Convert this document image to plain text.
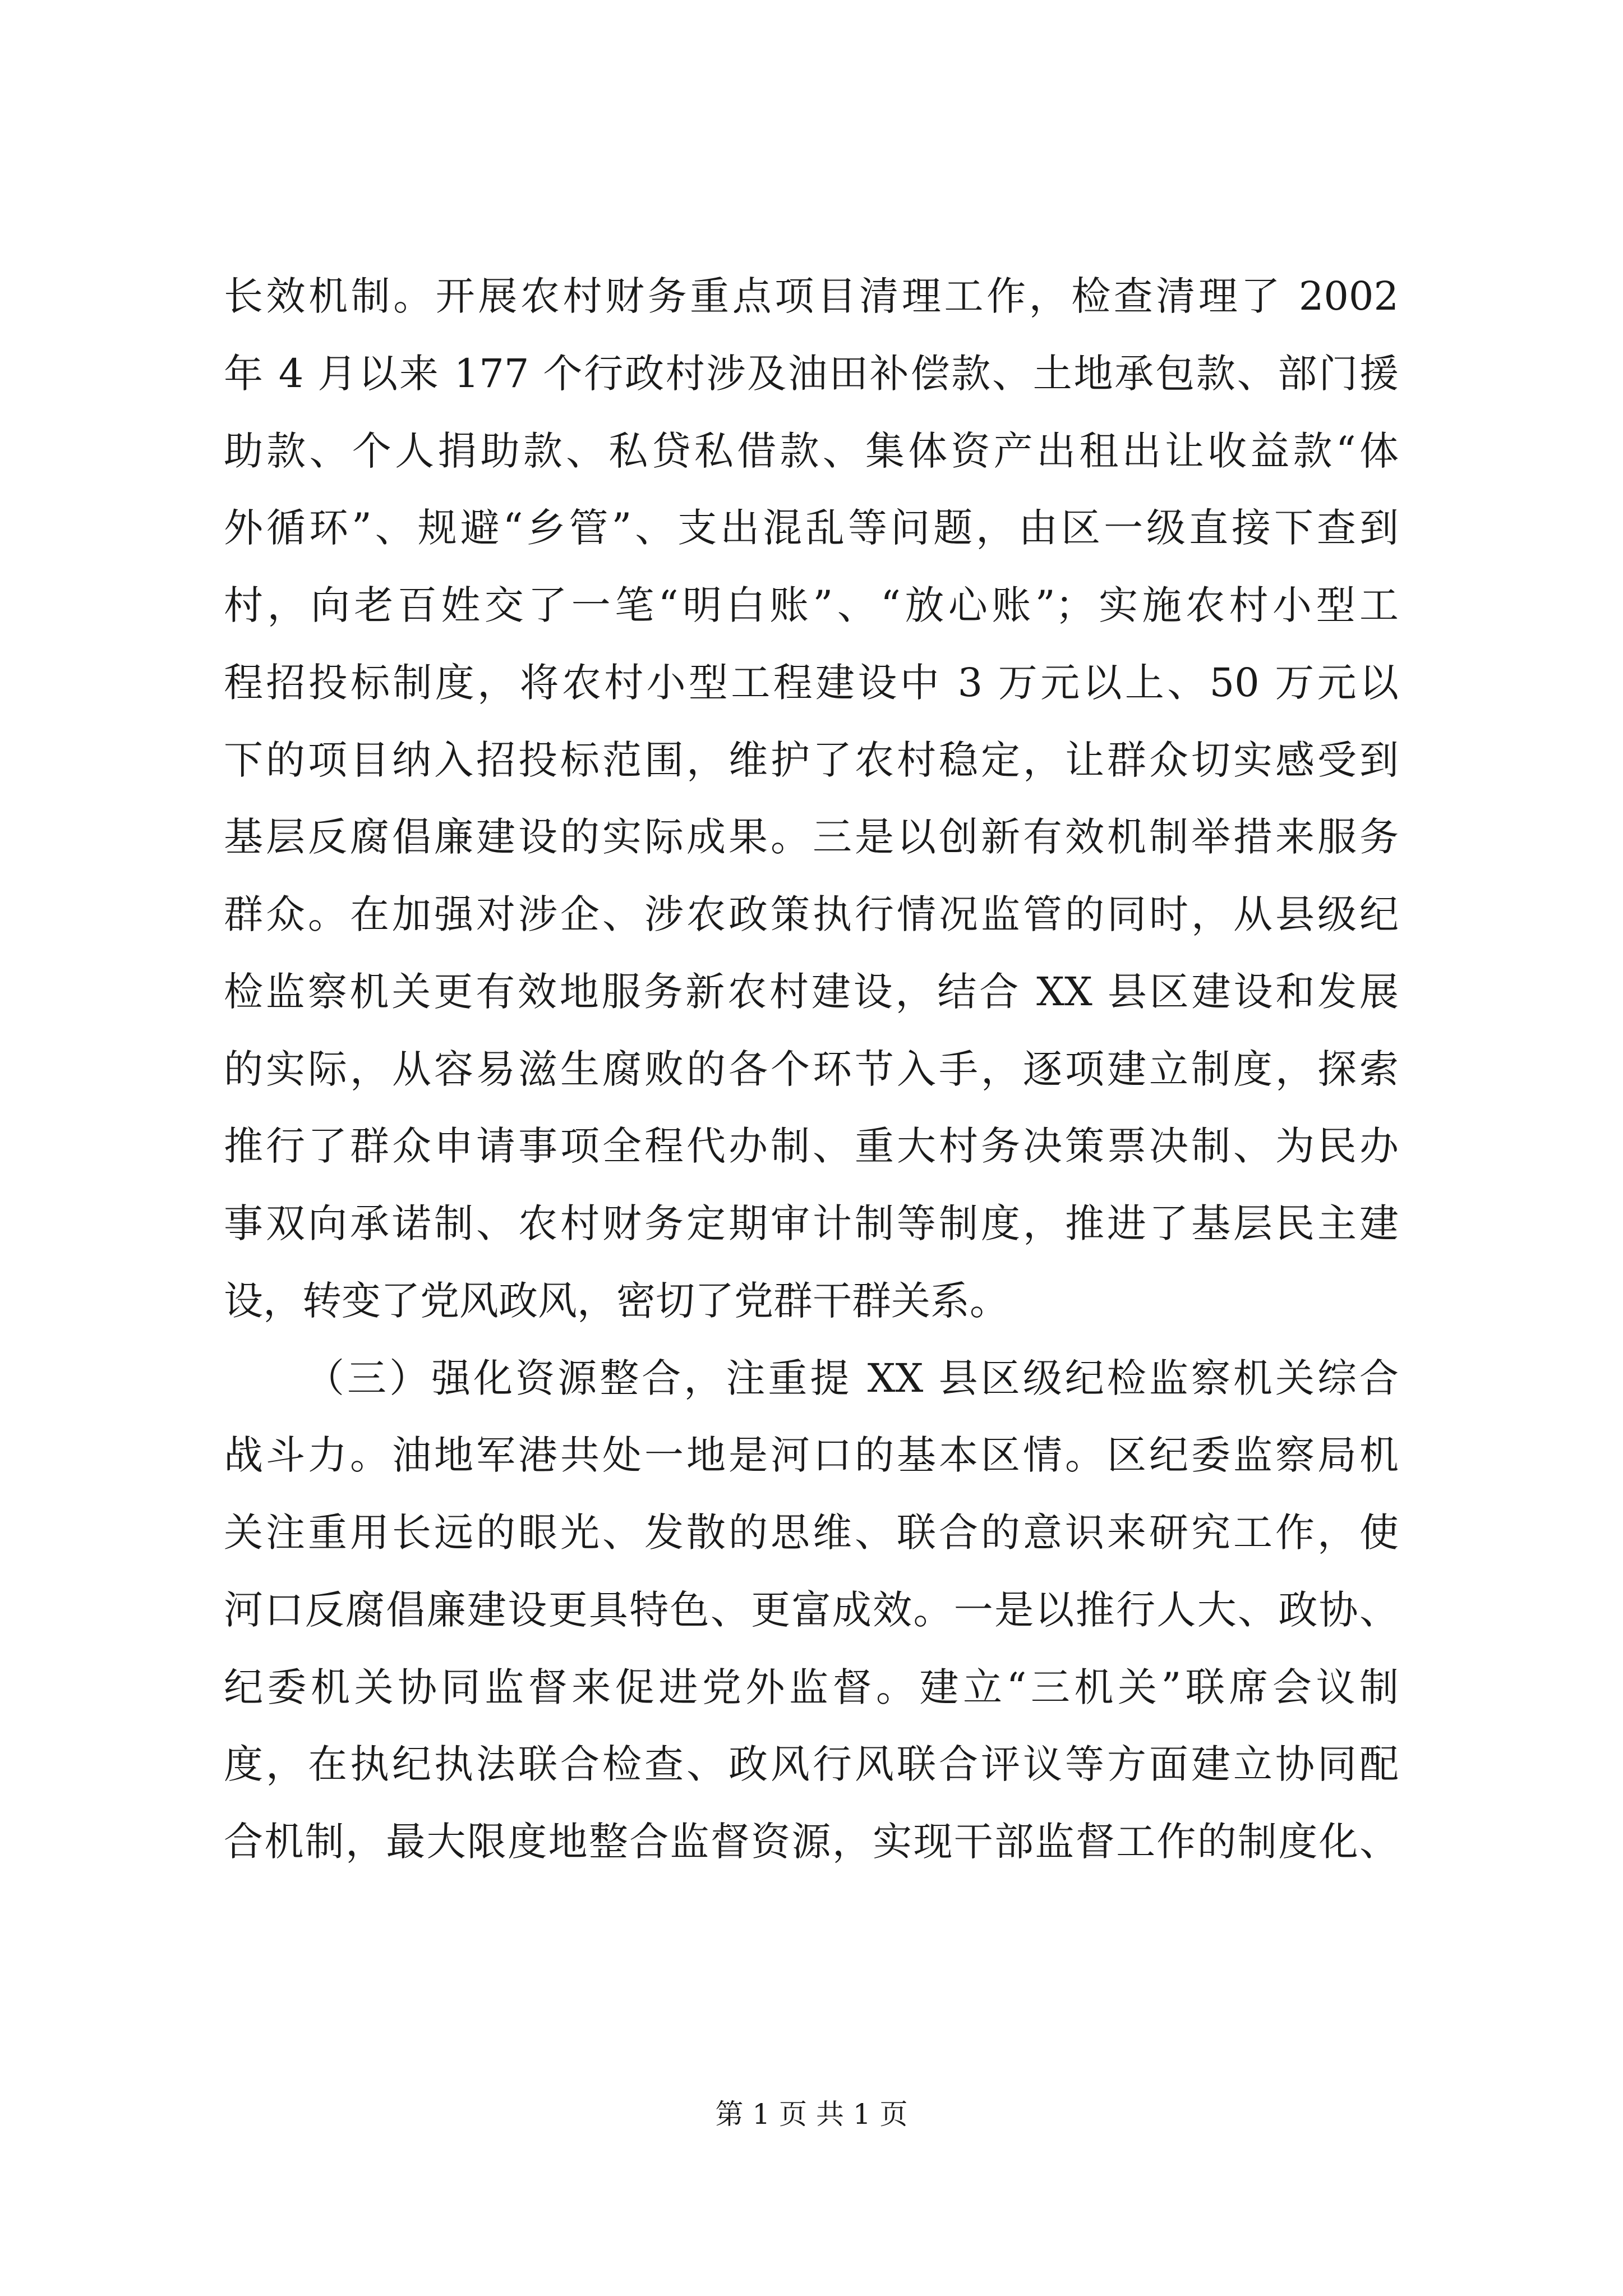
长效机制。开展农村财务重点项目清理工作，检查清理了 2002
年 4 月以来 177 个行政村涉及油田补偿款、土地承包款、部门援
助款、个人捐助款、私贷私借款、集体资产出租出让收益款“体
外循环”、规避“乡管”、支出混乱等问题，由区一级直接下查到
村，向老百姓交了一笔“明白账”、“放心账”；实施农村小型工
程招投标制度，将农村小型工程建设中 3 万元以上、50 万元以
下的项目纳入招投标范围，维护了农村稳定，让群众切实感受到
基层反腐倡廉建设的实际成果。三是以创新有效机制举措来服务
群众。在加强对涉企、涉农政策执行情况监管的同时，从县级纪
检监察机关更有效地服务新农村建设，结合 XX 县区建设和发展
的实际，从容易滋生腐败的各个环节入手，逐项建立制度，探索
推行了群众申请事项全程代办制、重大村务决策票决制、为民办
事双向承诺制、农村财务定期审计制等制度，推进了基层民主建
设，转变了党风政风，密切了党群干群关系。
（三）强化资源整合，注重提 XX 县区级纪检监察机关综合
战斗力。油地军港共处一地是河口的基本区情。区纪委监察局机
关注重用长远的眼光、发散的思维、联合的意识来研究工作，使
河口反腐倡廉建设更具特色、更富成效。一是以推行人大、政协、
纪委机关协同监督来促进党外监督。建立“三机关”联席会议制
度，在执纪执法联合检查、政风行风联合评议等方面建立协同配
合机制，最大限度地整合监督资源，实现干部监督工作的制度化、
第 1 页 共 1 页
